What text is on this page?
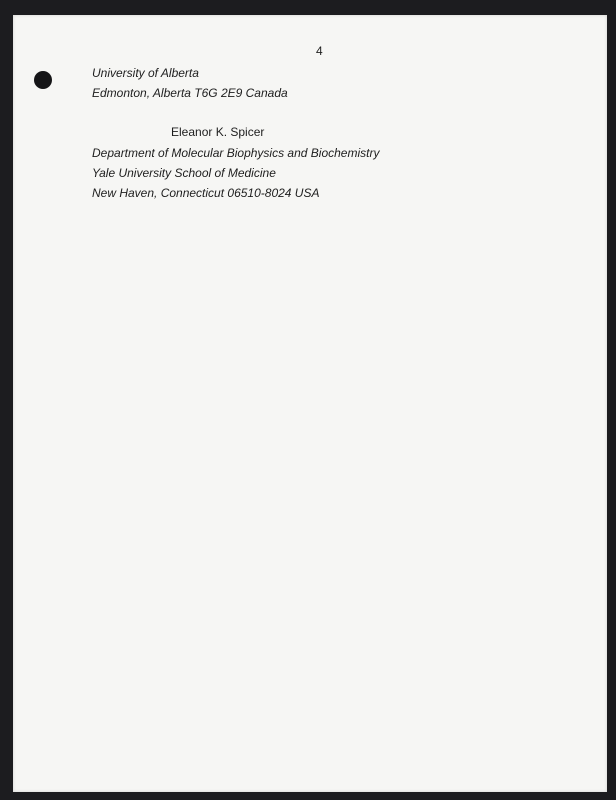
4
University of Alberta
Edmonton, Alberta T6G 2E9 Canada
Eleanor K. Spicer
Department of Molecular Biophysics and Biochemistry
Yale University School of Medicine
New Haven, Connecticut 06510-8024 USA
